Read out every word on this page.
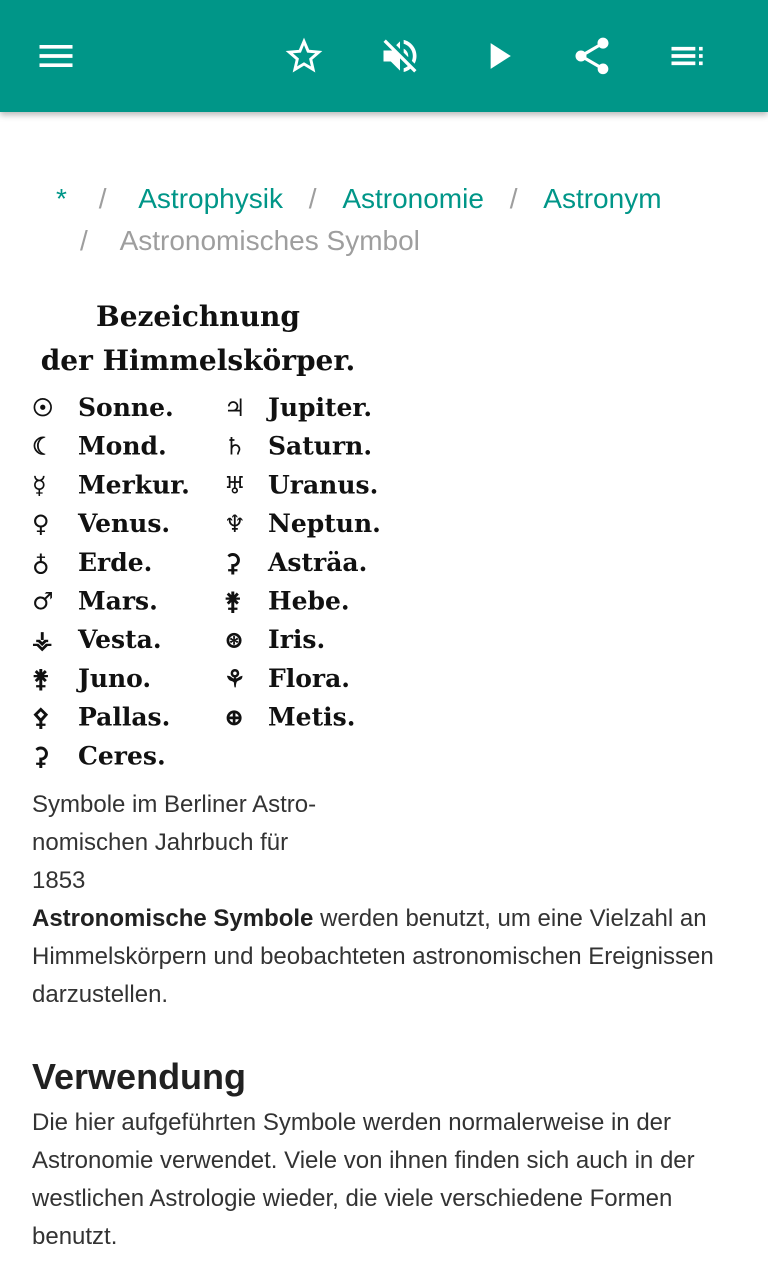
* / Astrophysik / Astronomie / Astronym
/ Astronomisches Symbol
Bezeichnung
der Himmelskörper.
☉ Sonne.
☾ Mond.
☿ Merkur.
♀ Venus.
♁ Erde.
♂ Mars.
⚶ Vesta.
⚵ Juno.
⚴ Pallas.
⚳ Ceres.
♃ Jupiter.
♄ Saturn.
♅ Uranus.
♆ Neptun.
⚳ Asträa.
⚵ Hebe.
⊛ Iris.
⚘ Flora.
⊕ Metis.
Symbole im Berliner Astro-
nomischen Jahrbuch für
1853

Astronomische Symbole werden benutzt, um eine Vielzahl an Himmelskörpern und beobachteten astronomischen Ereignissen darzustellen.

Verwendung

Die hier aufgeführten Symbole werden normalerweise in der Astronomie verwendet. Viele von ihnen finden sich auch in der westlichen Astrologie wieder, die viele verschiedene Formen benutzt.
